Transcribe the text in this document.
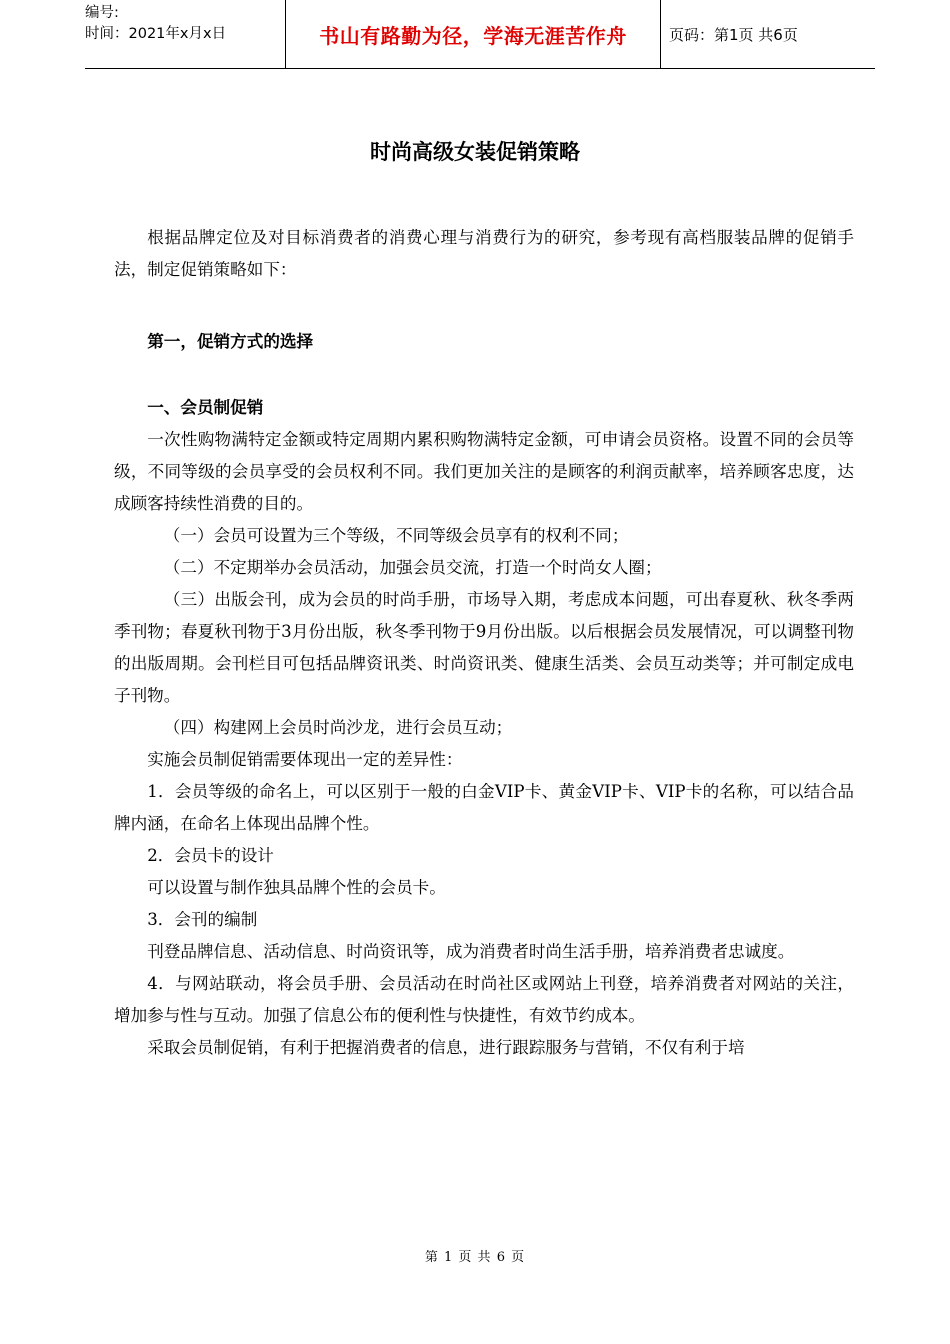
编号:
时间：2021年x月x日	书山有路勤为径，学海无涯苦作舟	页码：第1页 共6页
时尚高级女装促销策略

根据品牌定位及对目标消费者的消费心理与消费行为的研究，参考现有高档服装品牌的促销手法，制定促销策略如下：

第一，促销方式的选择

一、会员制促销

一次性购物满特定金额或特定周期内累积购物满特定金额，可申请会员资格。设置不同的会员等级，不同等级的会员享受的会员权利不同。我们更加关注的是顾客的利润贡献率，培养顾客忠度，达成顾客持续性消费的目的。

（一）会员可设置为三个等级，不同等级会员享有的权利不同；

（二）不定期举办会员活动，加强会员交流，打造一个时尚女人圈；

（三）出版会刊，成为会员的时尚手册，市场导入期，考虑成本问题，可出春夏秋、秋冬季两季刊物；春夏秋刊物于3月份出版，秋冬季刊物于9月份出版。以后根据会员发展情况，可以调整刊物的出版周期。会刊栏目可包括品牌资讯类、时尚资讯类、健康生活类、会员互动类等；并可制定成电子刊物。

（四）构建网上会员时尚沙龙，进行会员互动；

实施会员制促销需要体现出一定的差异性：

1．会员等级的命名上，可以区别于一般的白金VIP卡、黄金VIP卡、VIP卡的名称，可以结合品牌内涵，在命名上体现出品牌个性。

2．会员卡的设计

可以设置与制作独具品牌个性的会员卡。

3．会刊的编制

刊登品牌信息、活动信息、时尚资讯等，成为消费者时尚生活手册，培养消费者忠诚度。

4．与网站联动，将会员手册、会员活动在时尚社区或网站上刊登，培养消费者对网站的关注，增加参与性与互动。加强了信息公布的便利性与快捷性，有效节约成本。

采取会员制促销，有利于把握消费者的信息，进行跟踪服务与营销，不仅有利于培

第 1 页 共 6 页
